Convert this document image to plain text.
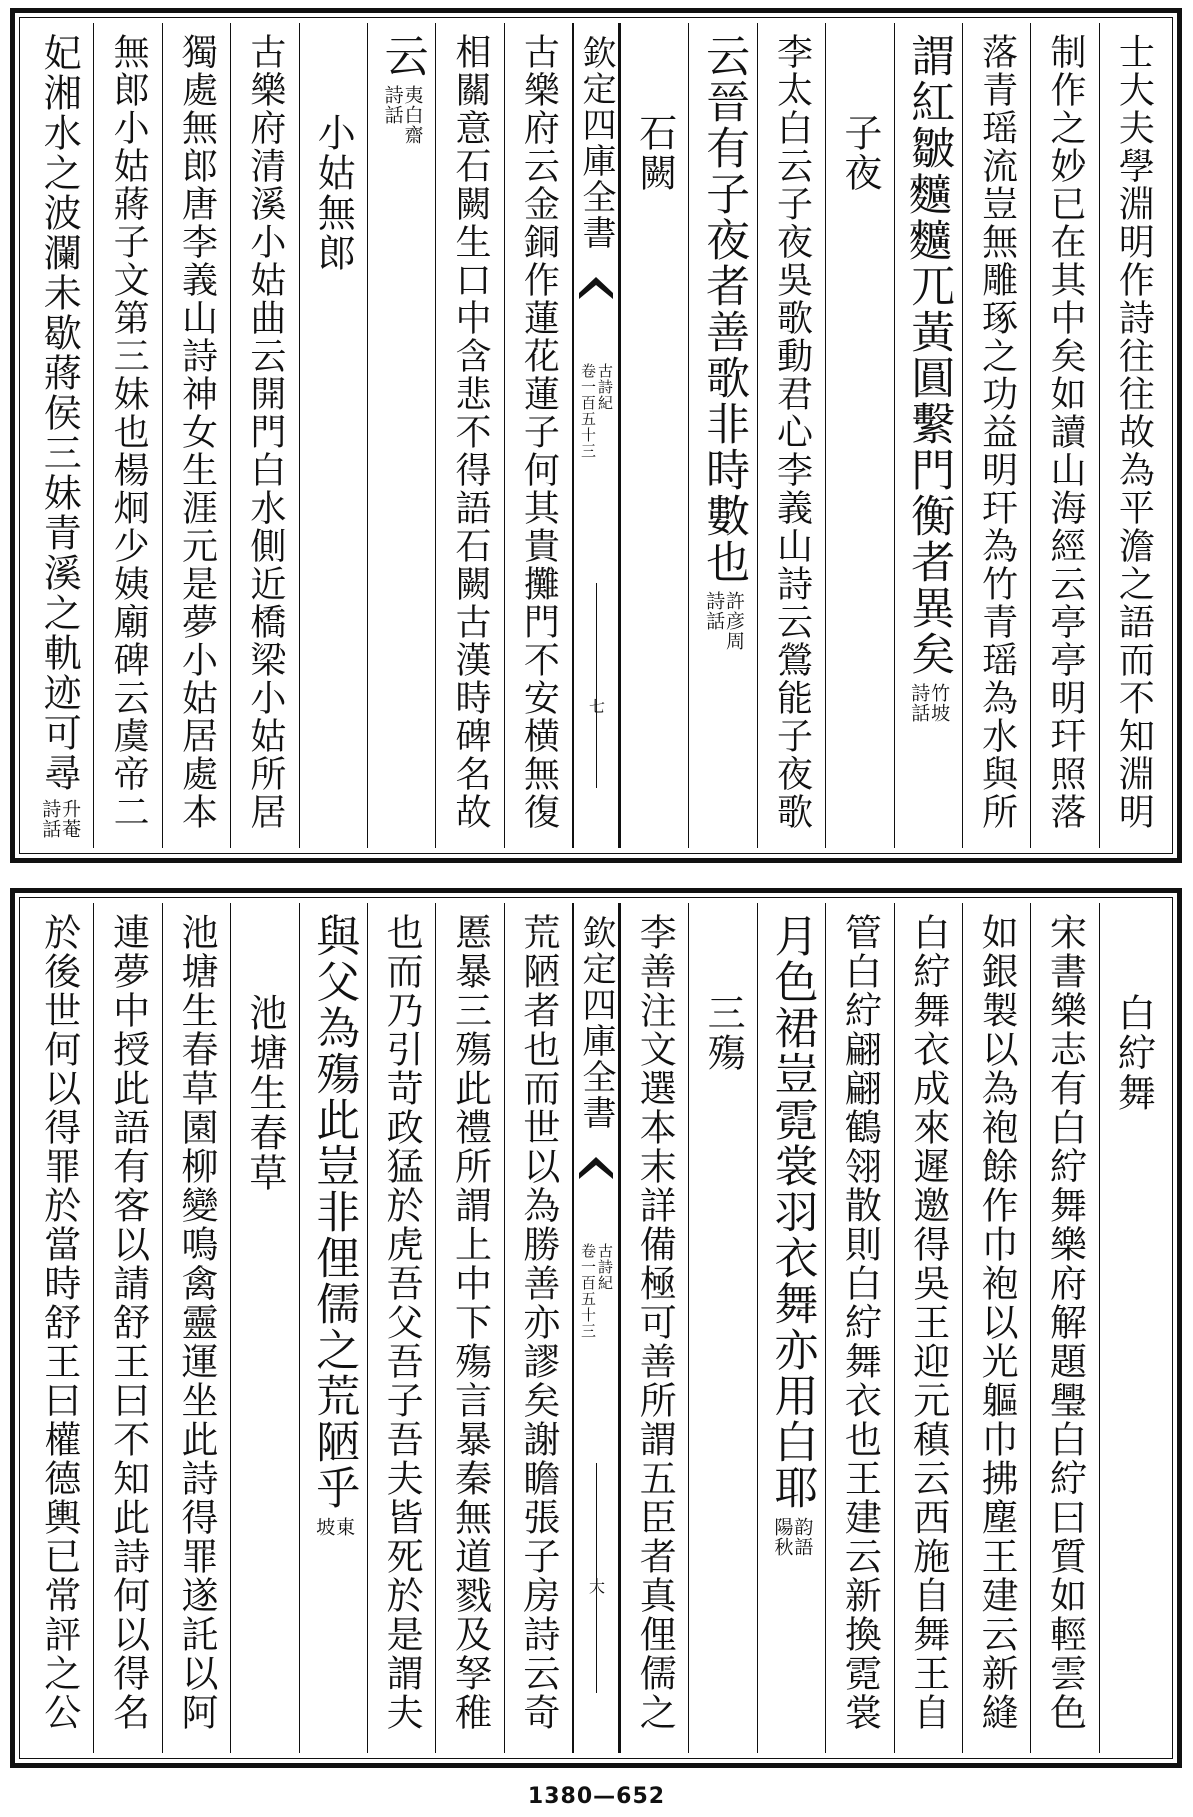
士大夫學淵明作詩往往故為平澹之語而不知淵明
制作之妙已在其中矣如讀山海經云亭亭明玕照落
落青瑶流豈無雕琢之功益明玕為竹青瑶為水與所
謂紅皺𪍿𪍿兀黃圓繫門衡者異矣
竹坡
詩話
子夜
李太白云子夜吳歌動君心李義山詩云鶯能子夜歌
云晉有子夜者善歌非時數也
許彦周
詩話
石闕
欽定四庫全書
古詩紀
卷一百五十三
七
古樂府云金銅作蓮花蓮子何其貴攤門不安横無復
相關意石闕生口中含悲不得語石闕古漢時碑名故
云
夷白齋
詩話
小姑無郎
古樂府清溪小姑曲云開門白水側近橋梁小姑所居
獨處無郎唐李義山詩神女生涯元是夢小姑居處本
無郎小姑蔣子文第三妹也楊炯少姨廟碑云虞帝二
妃湘水之波瀾未歇蔣侯三妹青溪之軌迹可尋
升菴
詩話
白紵舞
宋書樂志有白紵舞樂府解題璺白紵曰質如輕雲色
如銀製以為袍餘作巾袍以光軀巾拂塵王建云新縫
白紵舞衣成來遲邀得吳王迎元稹云西施自舞王自
管白紵翩翩鶴翎散則白紵舞衣也王建云新換霓裳
月色裙豈霓裳羽衣舞亦用白耶
韵語
陽秋
三殤
李善注文選本末詳備極可善所謂五臣者真俚儒之
欽定四庫全書
古詩紀
卷一百五十三
大
荒陋者也而世以為勝善亦謬矣謝瞻張子房詩云奇
慝暴三殤此禮所謂上中下殤言暴秦無道戮及孥稚
也而乃引苛政猛於虎吾父吾子吾夫皆死於是謂夫
與父為殤此豈非俚儒之荒陋乎
東
坡
池塘生春草
池塘生春草園柳變鳴禽靈運坐此詩得罪遂託以阿
連夢中授此語有客以請舒王曰不知此詩何以得名
於後世何以得罪於當時舒王曰權德輿已常評之公
1380—652
